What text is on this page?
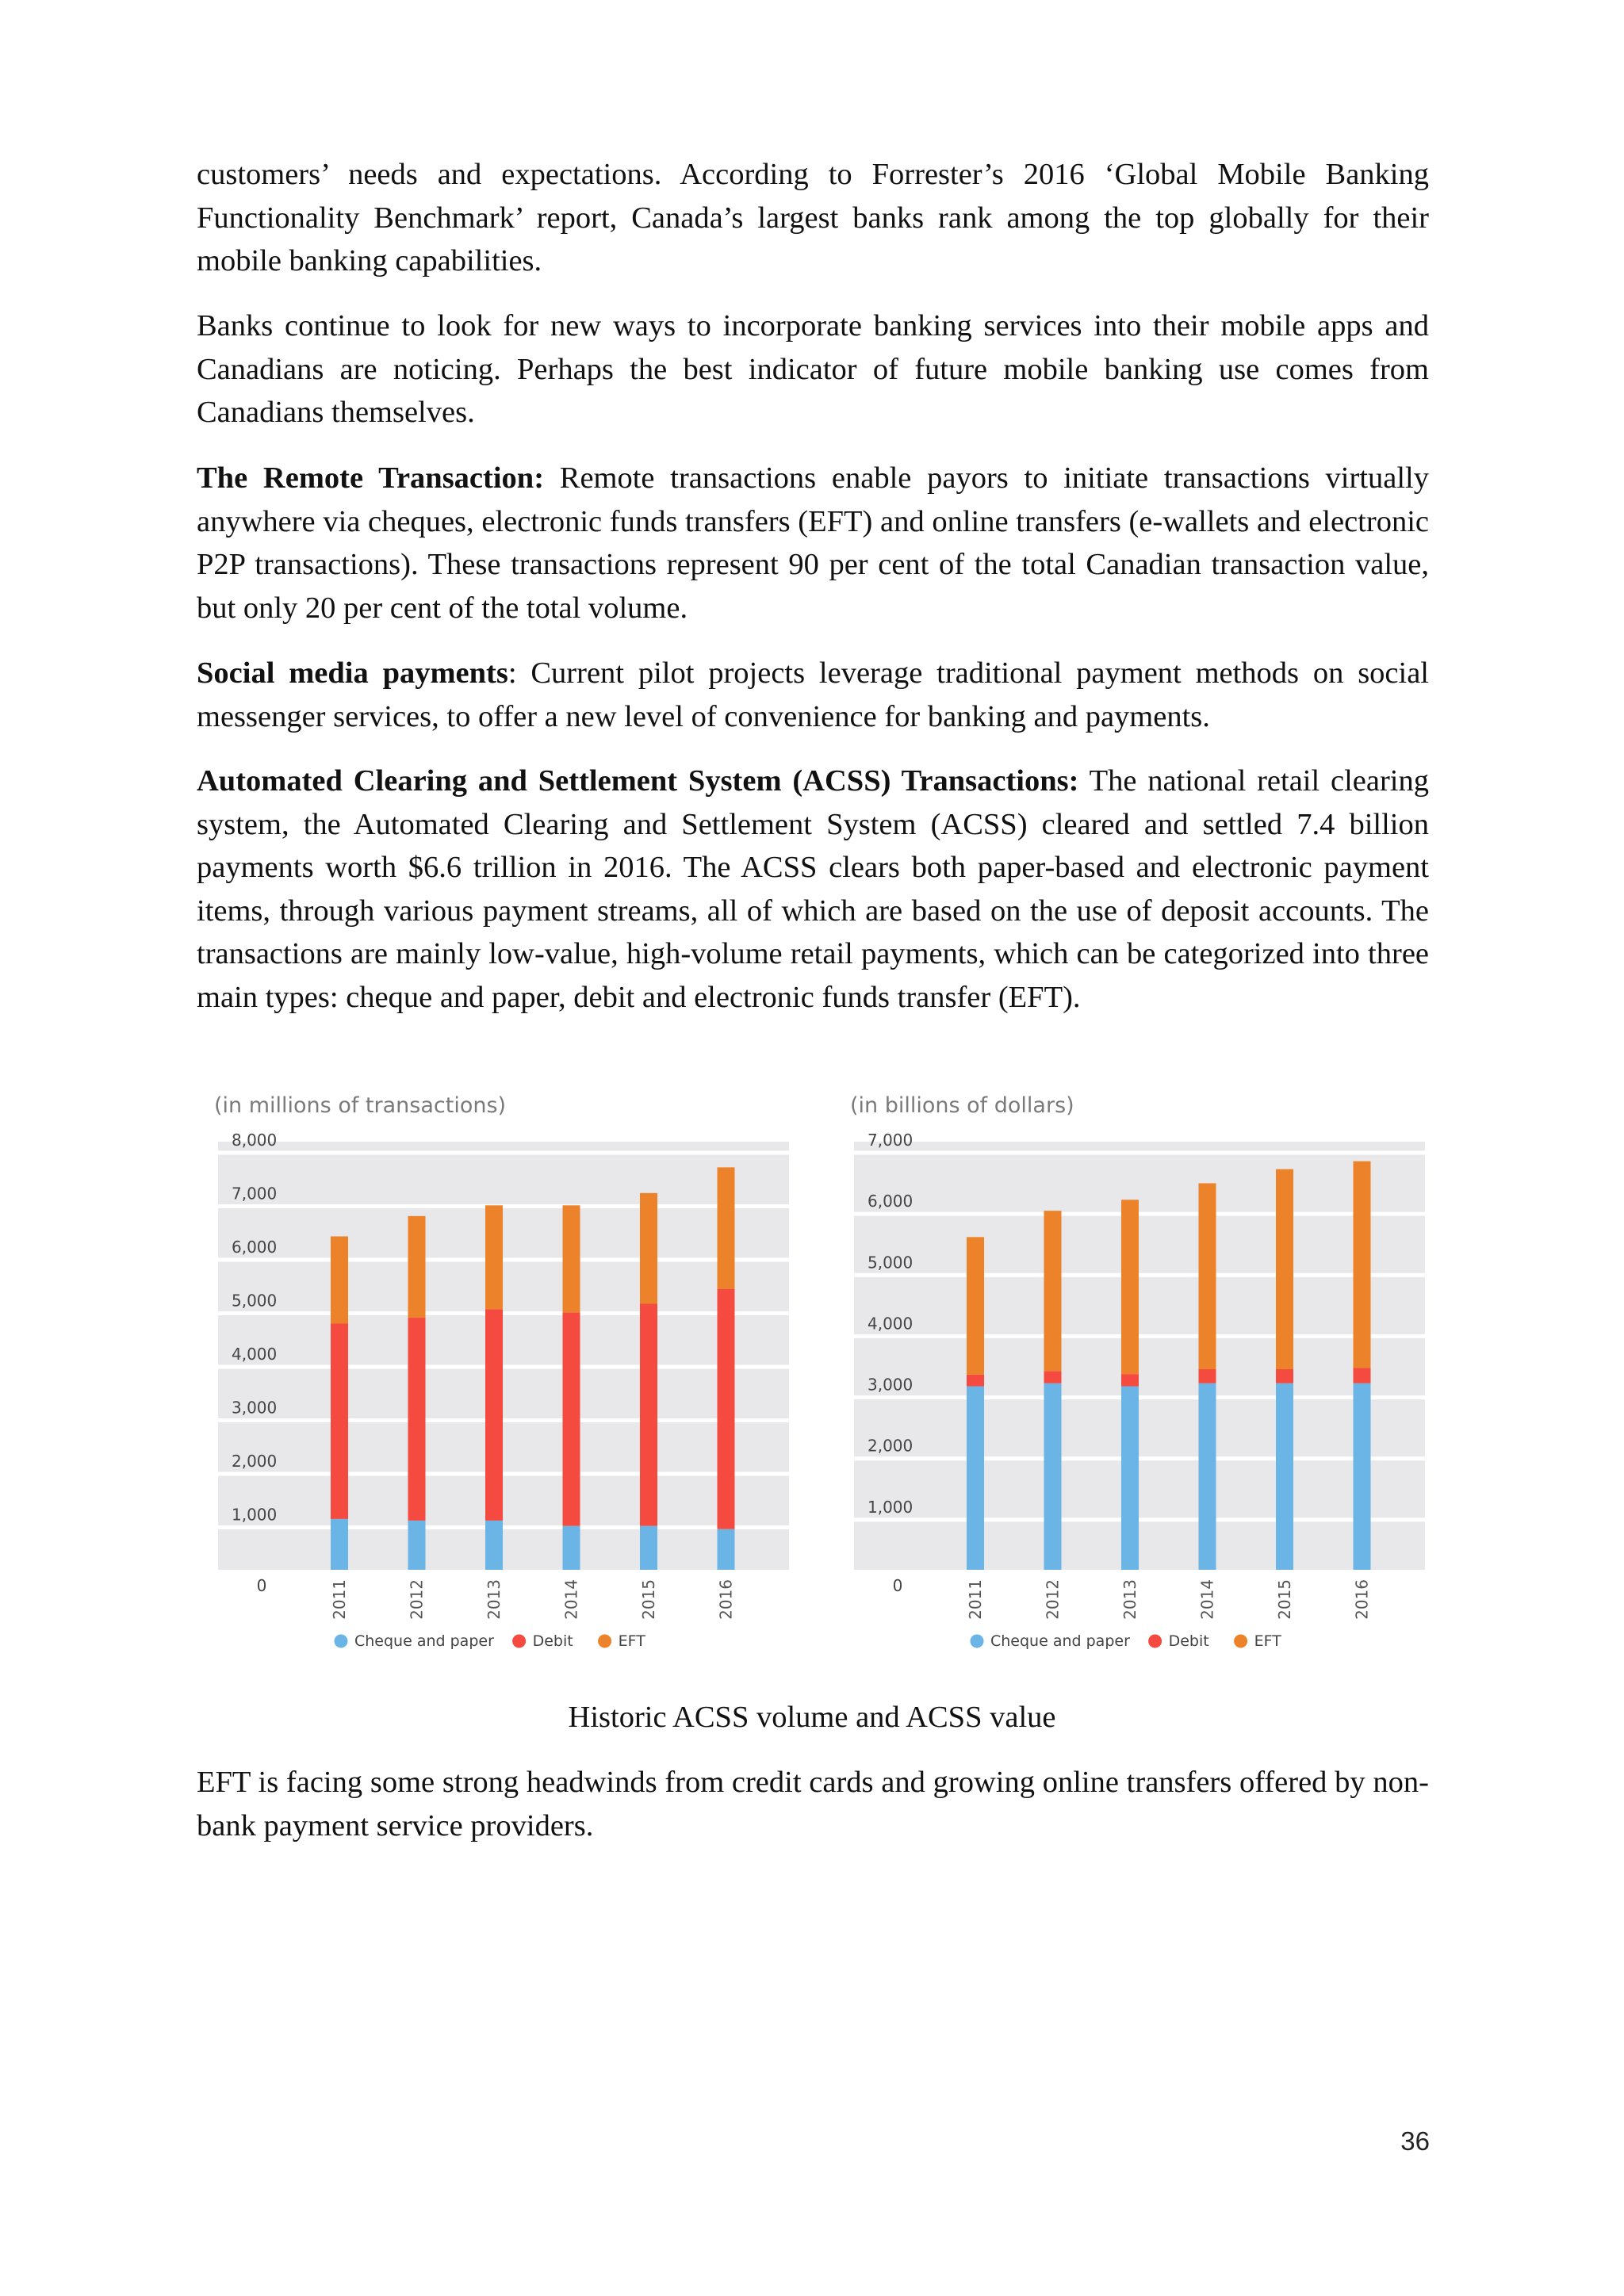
customers’ needs and expectations. According to Forrester’s 2016 ‘Global Mobile Banking Functionality Benchmark’ report, Canada’s largest banks rank among the top globally for their mobile banking capabilities.

Banks continue to look for new ways to incorporate banking services into their mobile apps and Canadians are noticing. Perhaps the best indicator of future mobile banking use comes from Canadians themselves.

The Remote Transaction: Remote transactions enable payors to initiate transactions virtually anywhere via cheques, electronic funds transfers (EFT) and online transfers (e-wallets and electronic P2P transactions). These transactions represent 90 per cent of the total Canadian transaction value, but only 20 per cent of the total volume.

Social media payments: Current pilot projects leverage traditional payment methods on social messenger services, to offer a new level of convenience for banking and payments.

Automated Clearing and Settlement System (ACSS) Transactions: The national retail clearing system, the Automated Clearing and Settlement System (ACSS) cleared and settled 7.4 billion payments worth $6.6 trillion in 2016. The ACSS clears both paper-based and electronic payment items, through various payment streams, all of which are based on the use of deposit accounts. The transactions are mainly low-value, high-volume retail payments, which can be categorized into three main types: cheque and paper, debit and electronic funds transfer (EFT).

(in millions of transactions)
0
1,000
2,000
3,000
4,000
5,000
6,000
7,000
8,000
2011	2012	2013	2014	2015	2016
Cheque and paper	Debit	EFT
(in billions of dollars)
0
1,000
2,000
3,000
4,000
5,000
6,000
7,000
2011	2012	2013	2014	2015	2016
Cheque and paper	Debit	EFT
Historic ACSS volume and ACSS value

EFT is facing some strong headwinds from credit cards and growing online transfers offered by non-bank payment service providers.

36
